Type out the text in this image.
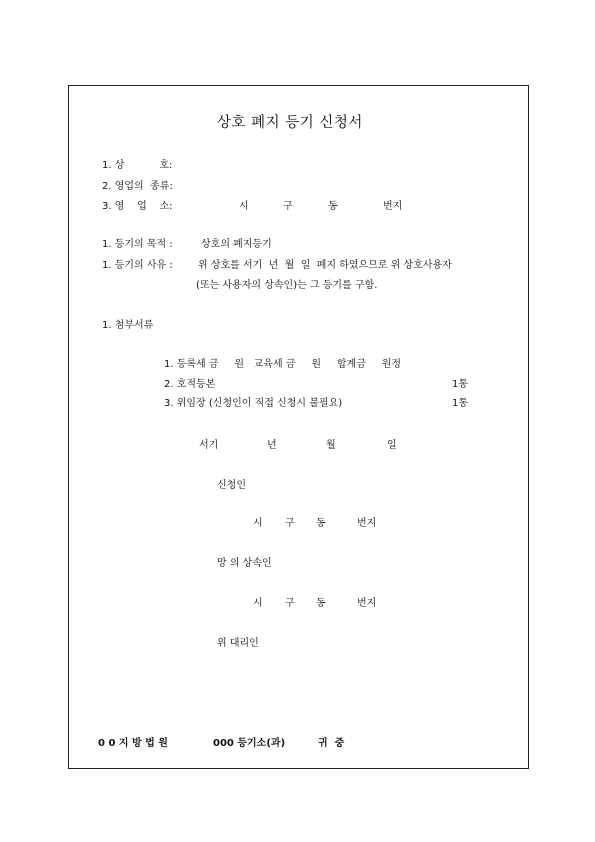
상호 폐지 등기 신청서
1. 상           호:
2. 영업의  종류:
3. 영    업    소:	시	구	동	번지
1. 등기의 목적 :	상호의 폐지등기
1. 등기의 사유 :	위 상호를 서기  년  월  일  폐지 하였으므로 위 상호사용자
(또는 사용자의 상속인)는 그 등기를 구함.
1. 첨부서류
1. 등록세 금     원   교육세 금     원     합계금     원정
2. 호적등본	1통
3. 위임장 (신청인이 직접 신청시 불필요)	1통
서기	년	월	일
신청인
시 구 동	번지
망 의 상속인
시 구 동	번지
위 대리인
0 0 지 방 법 원	000 등기소(과)	귀  중
